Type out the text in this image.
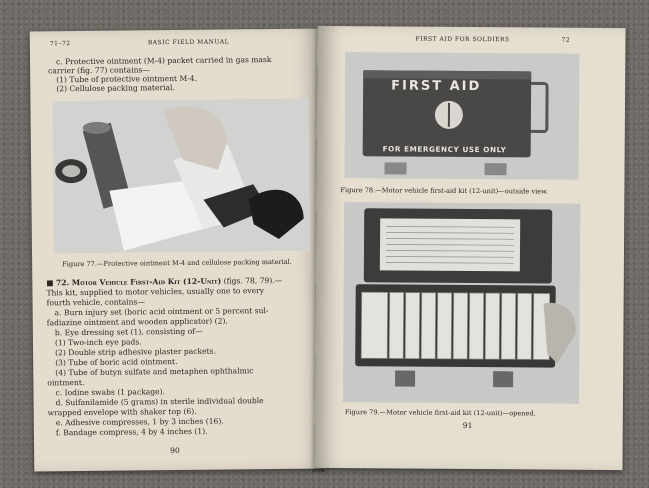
71–72	BASIC FIELD MANUAL
c. Protective ointment (M-4) packet carried in gas mask
carrier (fig. 77) contains—
(1) Tube of protective ointment M-4.
(2) Cellulose packing material.
Figure 77.—Protective ointment M-4 and cellulose packing material.
■ 72. Motor Vehicle First-Aid Kit (12-Unit) (figs. 78, 79).—
This kit, supplied to motor vehicles, usually one to every
fourth vehicle, contains—
a. Burn injury set (boric acid ointment or 5 percent sul-
fadiazine ointment and wooden applicator) (2).
b. Eye dressing set (1), consisting of—
(1) Two-inch eye pads.
(2) Double strip adhesive plaster packets.
(3) Tube of boric acid ointment.
(4) Tube of butyn sulfate and metaphen ophthalmic
ointment.
c. Iodine swabs (1 package).
d. Sulfanilamide (5 grams) in sterile individual double
wrapped envelope with shaker top (6).
e. Adhesive compresses, 1 by 3 inches (16).
f. Bandage compress, 4 by 4 inches (1).
90
FIRST AID FOR SOLDIERS	72
FIRST AID
FOR EMERGENCY USE ONLY
Figure 78.—Motor vehicle first-aid kit (12-unit)—outside view.
Figure 79.—Motor vehicle first-aid kit (12-unit)—opened.
91
